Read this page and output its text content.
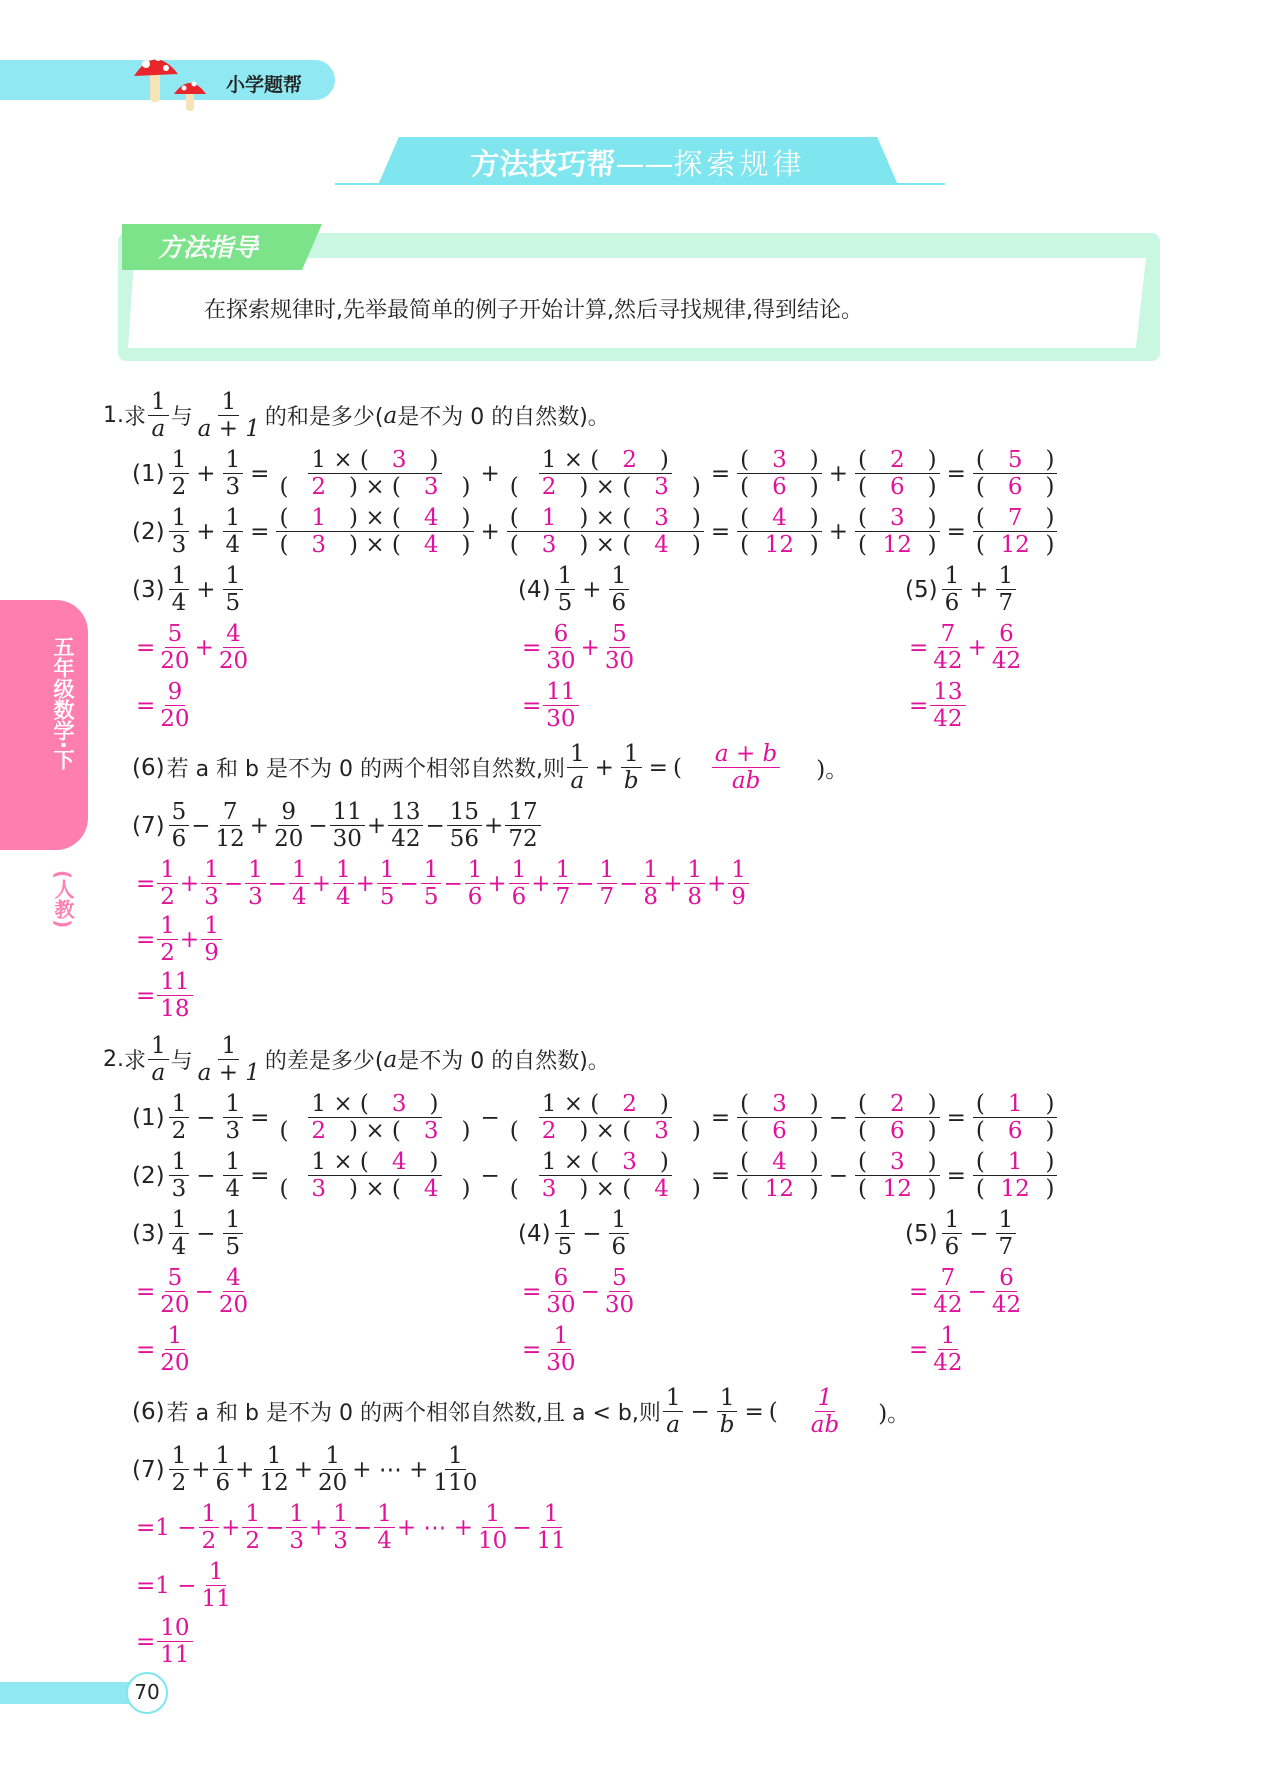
小学题帮
方法技巧帮——探索规律
方法指导
在探索规律时,先举最简单的例子开始计算,然后寻找规律,得到结论。
五年级数学·下
(人教)
1. 求 $\frac{1}{a}$ 与 $\frac{1}{a + 1}$ 的和是多少( a 是不为 0 的自然数)。
$(1) \frac{1}{2} + \frac{1}{3} = \frac{1 \times ( 3 )}{( 2 ) \times ( 3 )} + \frac{1 \times ( 2 )}{( 2 ) \times ( 3 )} = \frac{( 3 )}{( 6 )} + \frac{( 2 )}{( 6 )} = \frac{( 5 )}{( 6 )}$
$(2) \frac{1}{3} + \frac{1}{4} = \frac{( 1 ) \times ( 4 )}{( 3 ) \times ( 4 )} + \frac{( 1 ) \times ( 3 )}{( 3 ) \times ( 4 )} = \frac{( 4 )}{( 12 )} + \frac{( 3 )}{( 12 )} = \frac{( 7 )}{( 12 )}$
$(3) \frac{1}{4} + \frac{1}{5}$
= $\frac{5}{20} + \frac{4}{20}$
= $\frac{9}{20}$
$(4) \frac{1}{5} + \frac{1}{6}$
= $\frac{6}{30} + \frac{5}{30}$
= $\frac{11}{30}$
$(5) \frac{1}{6} + \frac{1}{7}$
= $\frac{7}{42} + \frac{6}{42}$
= $\frac{13}{42}$
(6) 若 a 和 b 是不为 0 的两个相邻自然数,则 $\frac{1}{a} + \frac{1}{b}$ = ( $\frac{a + b}{ab}$ )。
$(7) \frac{5}{6} - \frac{7}{12} + \frac{9}{20} - \frac{11}{30} + \frac{13}{42} - \frac{15}{56} + \frac{17}{72}$
= $\frac{1}{2} + \frac{1}{3} - \frac{1}{3} - \frac{1}{4} + \frac{1}{4} + \frac{1}{5} - \frac{1}{5} - \frac{1}{6} + \frac{1}{6} + \frac{1}{7} - \frac{1}{7} - \frac{1}{8} + \frac{1}{8} + \frac{1}{9}$
= $\frac{1}{2} + \frac{1}{9}$
= $\frac{11}{18}$
2. 求 $\frac{1}{a}$ 与 $\frac{1}{a + 1}$ 的差是多少( a 是不为 0 的自然数)。
$(1) \frac{1}{2} - \frac{1}{3} = \frac{1 \times ( 3 )}{( 2 ) \times ( 3 )} - \frac{1 \times ( 2 )}{( 2 ) \times ( 3 )} = \frac{( 3 )}{( 6 )} - \frac{( 2 )}{( 6 )} = \frac{( 1 )}{( 6 )}$
$(2) \frac{1}{3} - \frac{1}{4} = \frac{1 \times ( 4 )}{( 3 ) \times ( 4 )} - \frac{1 \times ( 3 )}{( 3 ) \times ( 4 )} = \frac{( 4 )}{( 12 )} - \frac{( 3 )}{( 12 )} = \frac{( 1 )}{( 12 )}$
$(3) \frac{1}{4} - \frac{1}{5}$
= $\frac{5}{20} - \frac{4}{20}$
= $\frac{1}{20}$
$(4) \frac{1}{5} - \frac{1}{6}$
= $\frac{6}{30} - \frac{5}{30}$
= $\frac{1}{30}$
$(5) \frac{1}{6} - \frac{1}{7}$
= $\frac{7}{42} - \frac{6}{42}$
= $\frac{1}{42}$
(6) 若 a 和 b 是不为 0 的两个相邻自然数,且 a < b,则 $\frac{1}{a} - \frac{1}{b}$ = ( $\frac{1}{ab}$ )。
$(7) \frac{1}{2} + \frac{1}{6} + \frac{1}{12} + \frac{1}{20}$ + ⋯ + $\frac{1}{110}$
$=1 - \frac{1}{2} + \frac{1}{2} - \frac{1}{3} + \frac{1}{3} - \frac{1}{4}$ + ⋯ + $\frac{1}{10} - \frac{1}{11}$
$=1 - \frac{1}{11}$
= $\frac{10}{11}$
70
